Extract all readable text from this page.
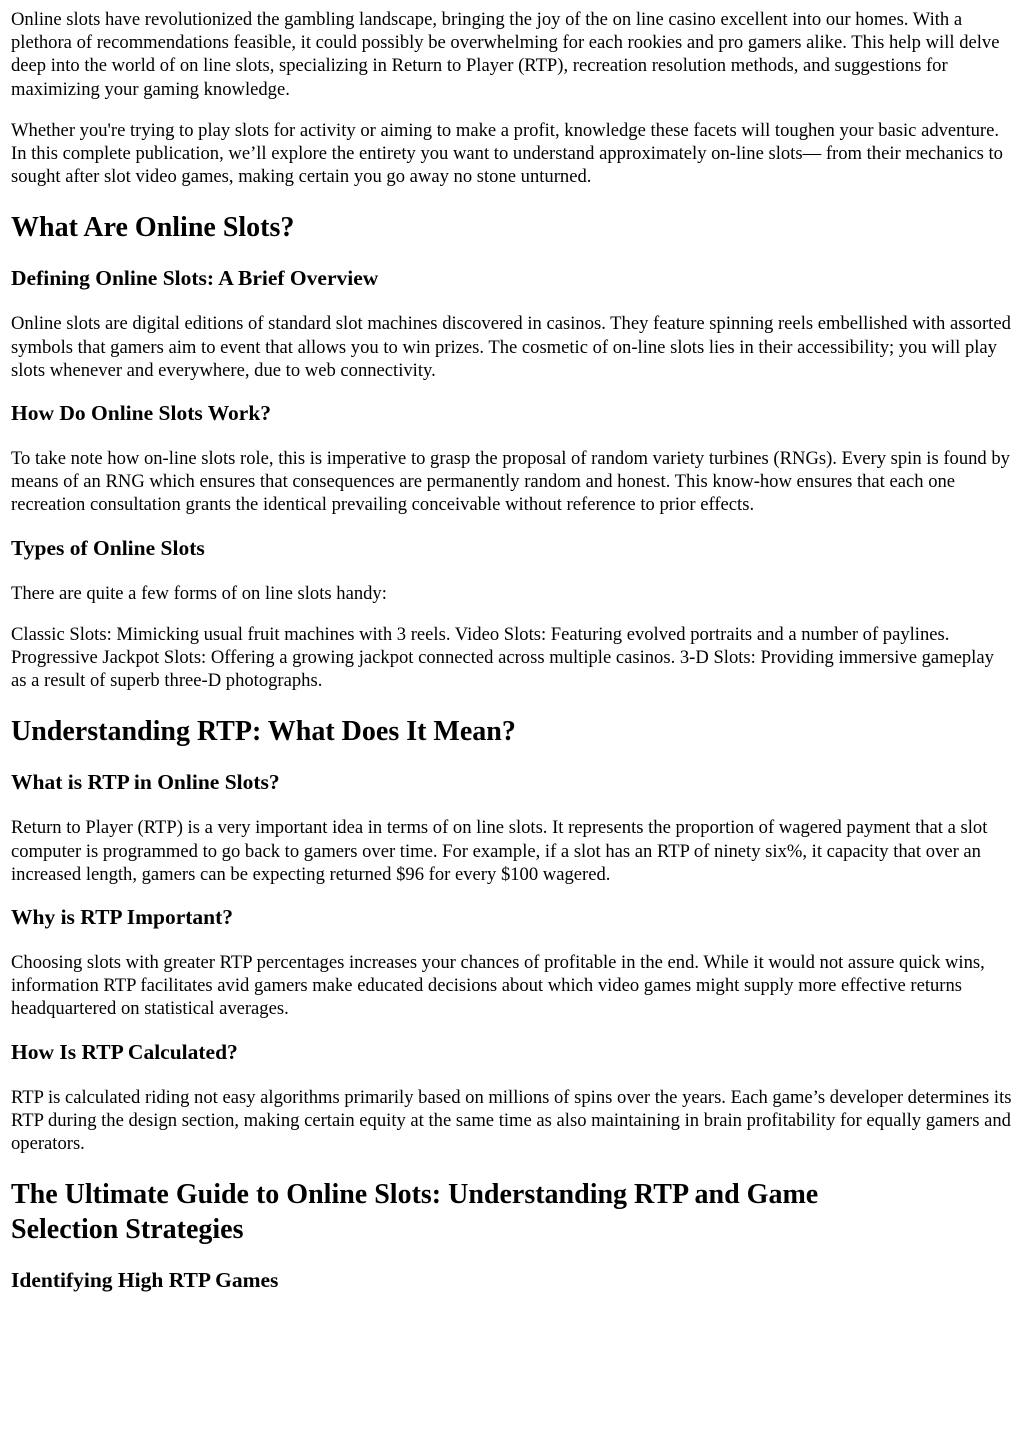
Online slots have revolutionized the gambling landscape, bringing the joy of the on line casino excellent into our homes. With a plethora of recommendations feasible, it could possibly be overwhelming for each rookies and pro gamers alike. This help will delve deep into the world of on line slots, specializing in Return to Player (RTP), recreation resolution methods, and suggestions for maximizing your gaming knowledge.

Whether you're trying to play slots for activity or aiming to make a profit, knowledge these facets will toughen your basic adventure. In this complete publication, we’ll explore the entirety you want to understand approximately on-line slots— from their mechanics to sought after slot video games, making certain you go away no stone unturned.

What Are Online Slots?
Defining Online Slots: A Brief Overview

Online slots are digital editions of standard slot machines discovered in casinos. They feature spinning reels embellished with assorted symbols that gamers aim to event that allows you to win prizes. The cosmetic of on-line slots lies in their accessibility; you will play slots whenever and everywhere, due to web connectivity.

How Do Online Slots Work?

To take note how on-line slots role, this is imperative to grasp the proposal of random variety turbines (RNGs). Every spin is found by means of an RNG which ensures that consequences are permanently random and honest. This know-how ensures that each one recreation consultation grants the identical prevailing conceivable without reference to prior effects.

Types of Online Slots

There are quite a few forms of on line slots handy:

Classic Slots: Mimicking usual fruit machines with 3 reels. Video Slots: Featuring evolved portraits and a number of paylines. Progressive Jackpot Slots: Offering a growing jackpot connected across multiple casinos. 3-D Slots: Providing immersive gameplay as a result of superb three-D photographs.

Understanding RTP: What Does It Mean?
What is RTP in Online Slots?

Return to Player (RTP) is a very important idea in terms of on line slots. It represents the proportion of wagered payment that a slot computer is programmed to go back to gamers over time. For example, if a slot has an RTP of ninety six%, it capacity that over an increased length, gamers can be expecting returned $96 for every $100 wagered.

Why is RTP Important?

Choosing slots with greater RTP percentages increases your chances of profitable in the end. While it would not assure quick wins, information RTP facilitates avid gamers make educated decisions about which video games might supply more effective returns headquartered on statistical averages.

How Is RTP Calculated?

RTP is calculated riding not easy algorithms primarily based on millions of spins over the years. Each game’s developer determines its RTP during the design section, making certain equity at the same time as also maintaining in brain profitability for equally gamers and operators.

The Ultimate Guide to Online Slots: Understanding RTP and Game Selection Strategies
Identifying High RTP Games
